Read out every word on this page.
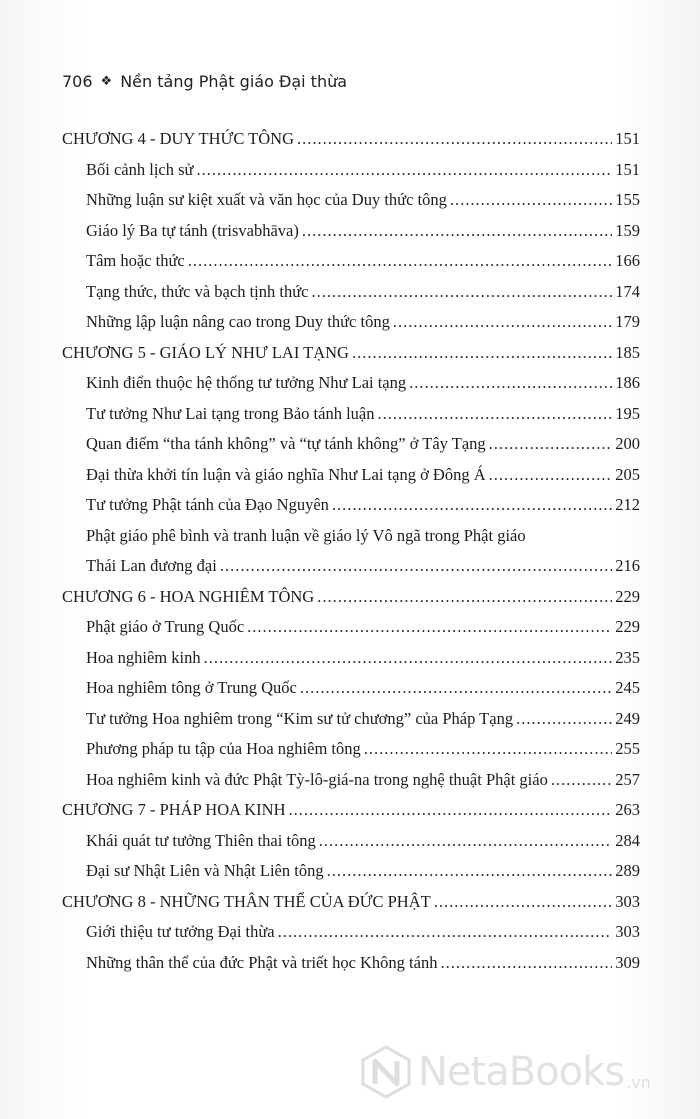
706 ❖ Nền tảng Phật giáo Đại thừa
CHƯƠNG 4 - DUY THỨC TÔNG .....	151
Bối cảnh lịch sử .....	151
Những luận sư kiệt xuất và văn học của Duy thức tông .....	155
Giáo lý Ba tự tánh (trisvabhāva) .....	159
Tâm hoặc thức .....	166
Tạng thức, thức và bạch tịnh thức .....	174
Những lập luận nâng cao trong Duy thức tông .....	179
CHƯƠNG 5 - GIÁO LÝ NHƯ LAI TẠNG .....	185
Kinh điển thuộc hệ thống tư tưởng Như Lai tạng .....	186
Tư tưởng Như Lai tạng trong Bảo tánh luận .....	195
Quan điểm “tha tánh không” và “tự tánh không” ở Tây Tạng .....	200
Đại thừa khởi tín luận và giáo nghĩa Như Lai tạng ở Đông Á .....	205
Tư tưởng Phật tánh của Đạo Nguyên .....	212
Phật giáo phê bình và tranh luận về giáo lý Vô ngã trong Phật giáo
Thái Lan đương đại .....	216
CHƯƠNG 6 - HOA NGHIÊM TÔNG .....	229
Phật giáo ở Trung Quốc .....	229
Hoa nghiêm kinh .....	235
Hoa nghiêm tông ở Trung Quốc .....	245
Tư tưởng Hoa nghiêm trong “Kim sư tử chương” của Pháp Tạng .....	249
Phương pháp tu tập của Hoa nghiêm tông .....	255
Hoa nghiêm kinh và đức Phật Tỳ-lô-giá-na trong nghệ thuật Phật giáo .....	257
CHƯƠNG 7 - PHÁP HOA KINH .....	263
Khái quát tư tưởng Thiên thai tông .....	284
Đại sư Nhật Liên và Nhật Liên tông .....	289
CHƯƠNG 8 - NHỮNG THÂN THỂ CỦA ĐỨC PHẬT .....	303
Giới thiệu tư tưởng Đại thừa .....	303
Những thân thể của đức Phật và triết học Không tánh .....	309
NetaBooks .vn
